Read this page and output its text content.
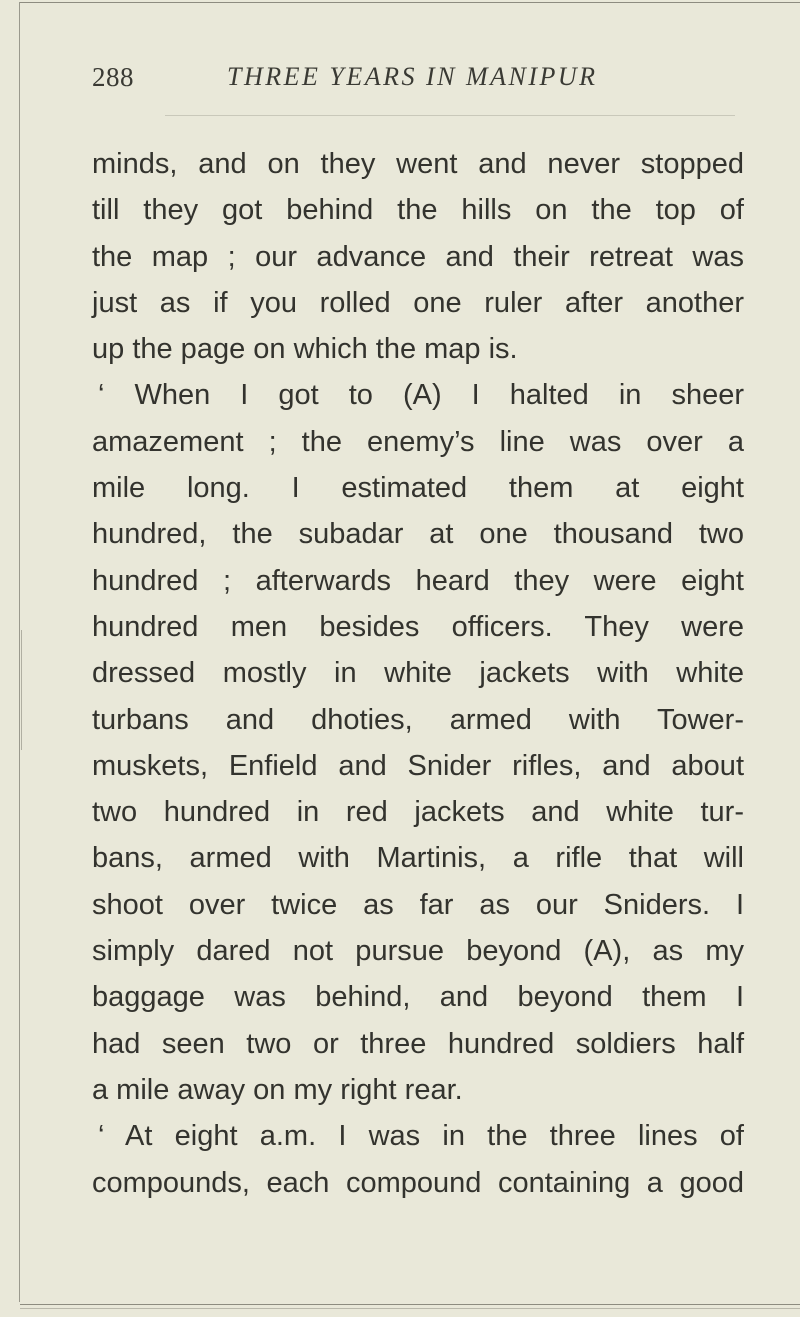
288	THREE YEARS IN MANIPUR
minds, and on they went and never stopped
till they got behind the hills on the top of
the map ; our advance and their retreat was
just as if you rolled one ruler after another
up the page on which the map is.
‘ When I got to (A) I halted in sheer
amazement ; the enemy’s line was over a
mile long. I estimated them at eight
hundred, the subadar at one thousand two
hundred ; afterwards heard they were eight
hundred men besides officers. They were
dressed mostly in white jackets with white
turbans and dhoties, armed with Tower-
muskets, Enfield and Snider rifles, and about
two hundred in red jackets and white tur-
bans, armed with Martinis, a rifle that will
shoot over twice as far as our Sniders. I
simply dared not pursue beyond (A), as my
baggage was behind, and beyond them I
had seen two or three hundred soldiers half
a mile away on my right rear.
‘ At eight a.m. I was in the three lines of
compounds, each compound containing a good
